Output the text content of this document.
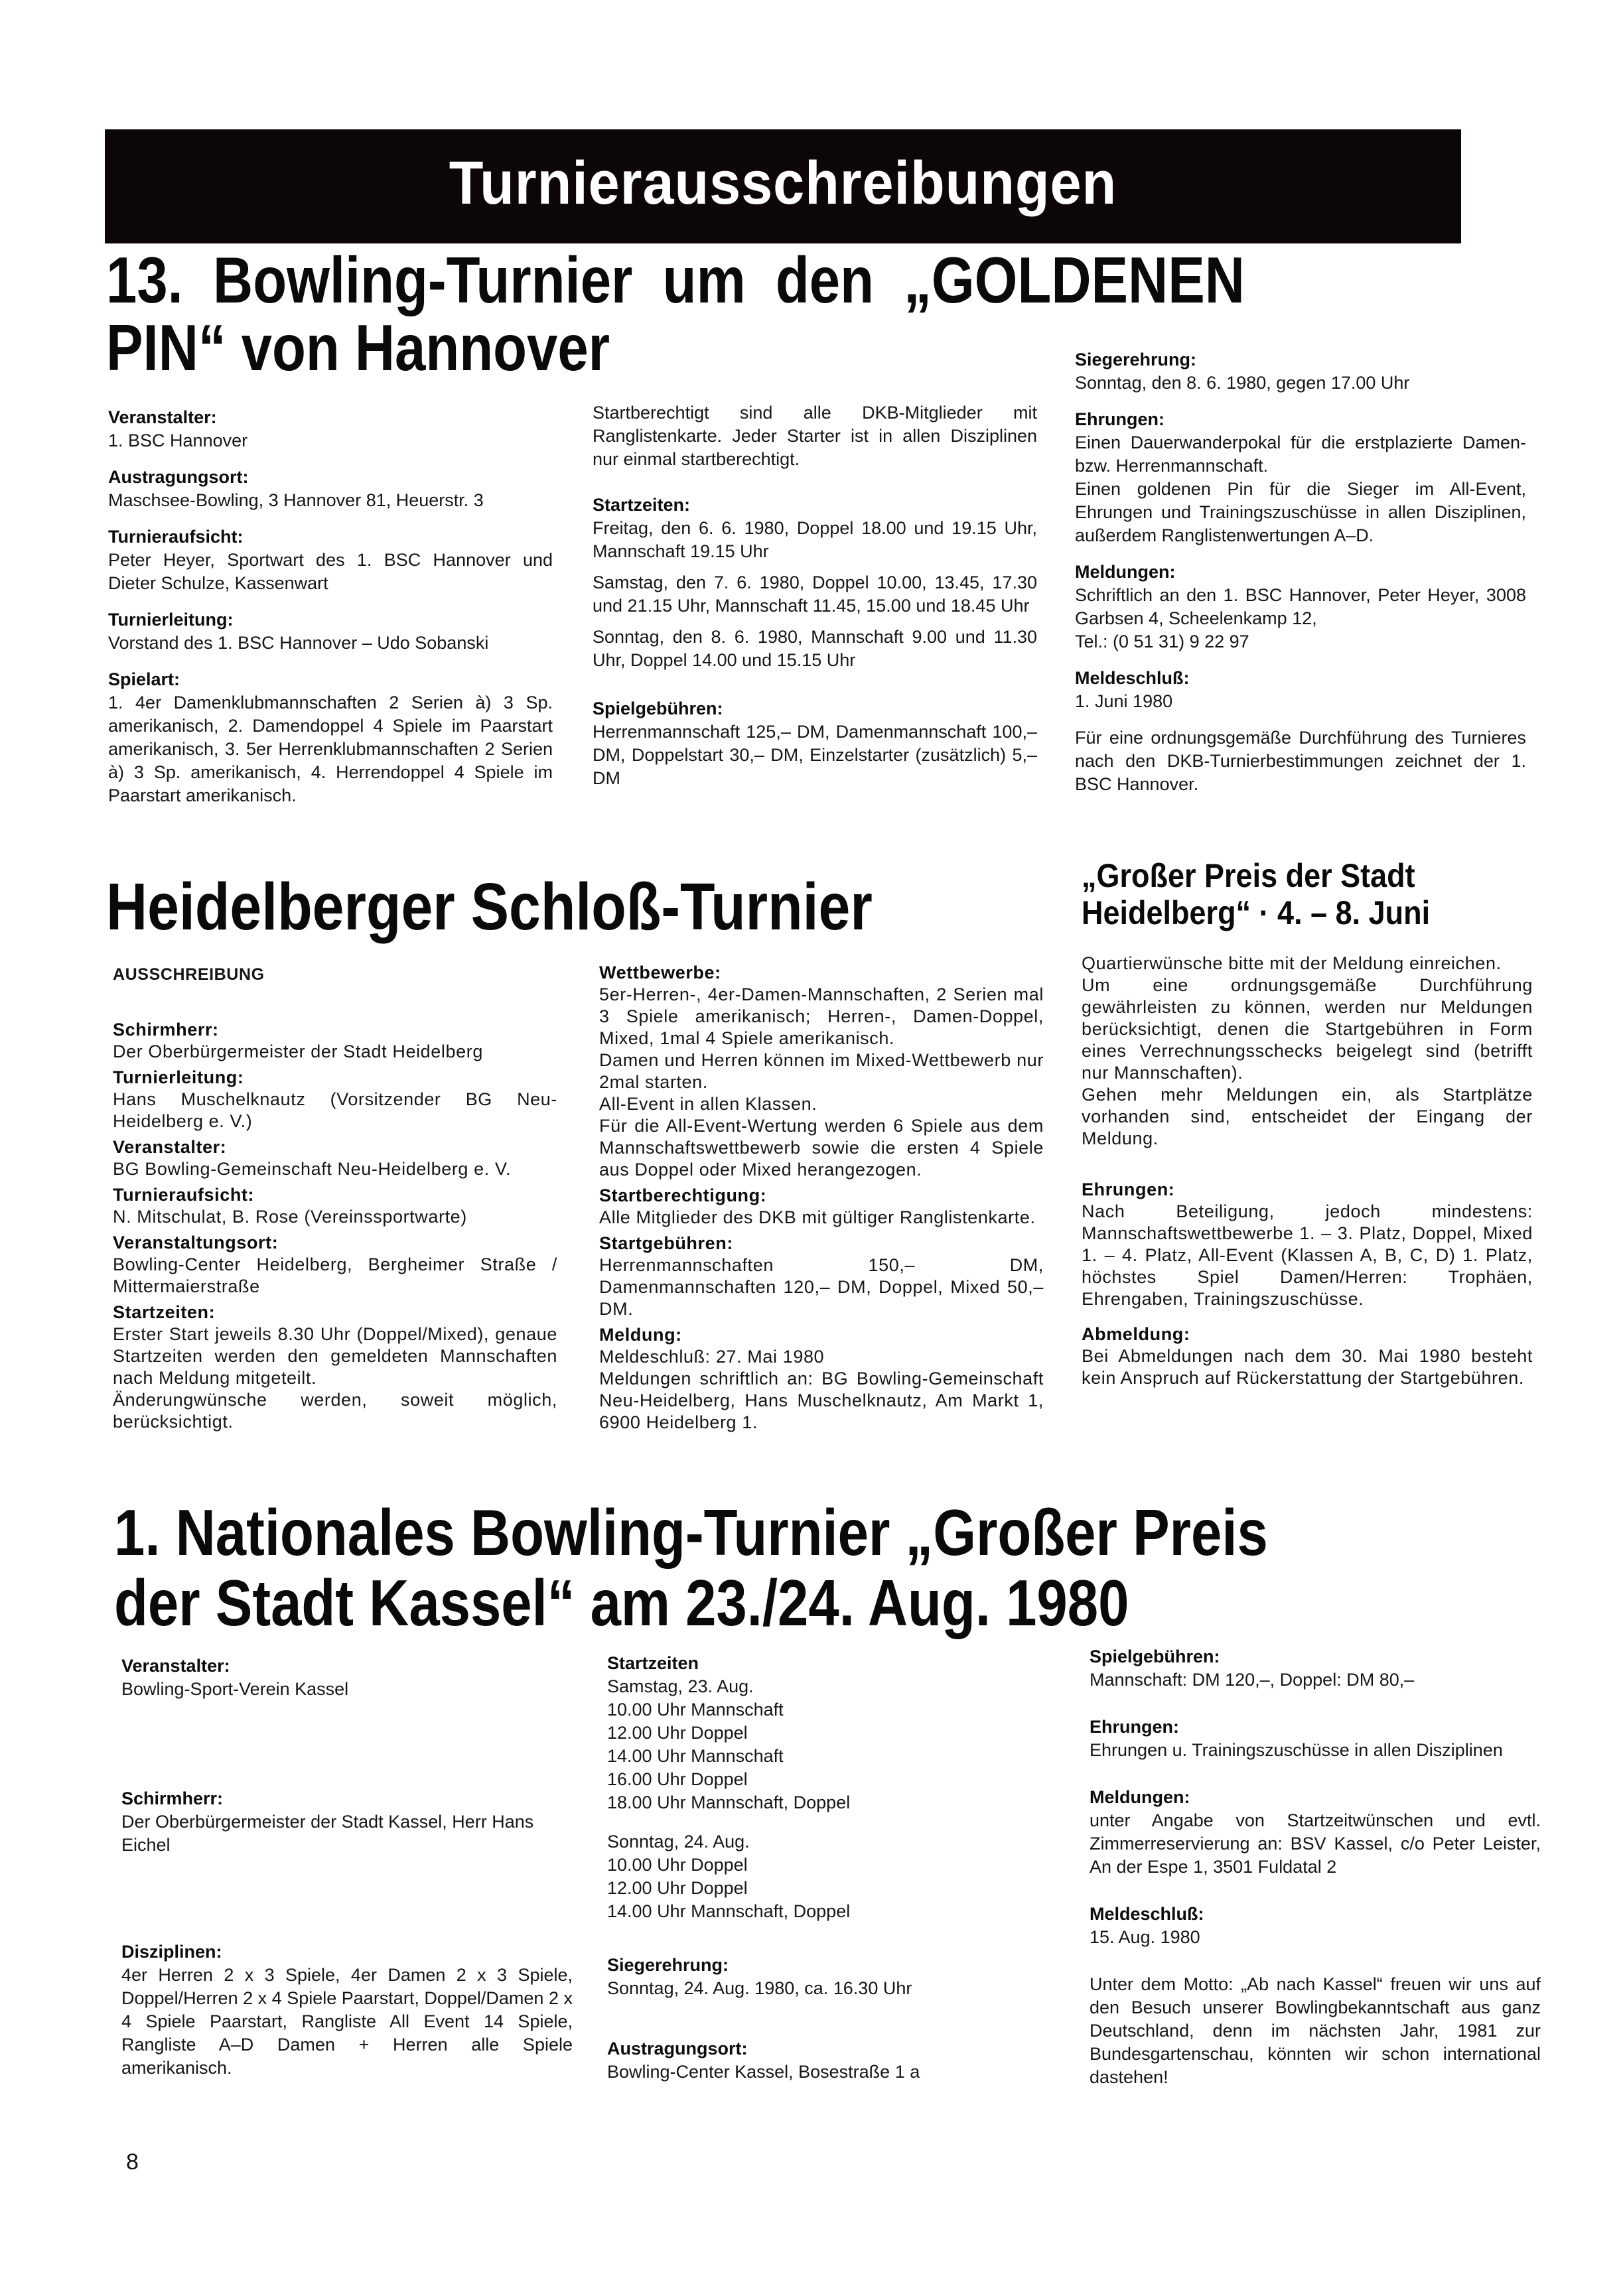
Turnierausschreibungen
13. Bowling-Turnier um den „GOLDENEN
PIN“ von Hannover
Veranstalter:
1. BSC Hannover
Austragungsort:
Maschsee-Bowling, 3 Hannover 81, Heuerstr. 3
Turnieraufsicht:
Peter Heyer, Sportwart des 1. BSC Hannover und Dieter Schulze, Kassenwart
Turnierleitung:
Vorstand des 1. BSC Hannover – Udo Sobanski
Spielart:
1. 4er Damenklubmannschaften 2 Serien à) 3 Sp. amerikanisch, 2. Damendoppel 4 Spiele im Paarstart amerikanisch, 3. 5er Herrenklubmannschaften 2 Serien à) 3 Sp. amerikanisch, 4. Herrendoppel 4 Spiele im Paarstart amerikanisch.
Startberechtigt sind alle DKB-Mitglieder mit Ranglistenkarte. Jeder Starter ist in allen Disziplinen nur einmal startberechtigt.
Startzeiten:
Freitag, den 6. 6. 1980, Doppel 18.00 und 19.15 Uhr, Mannschaft 19.15 Uhr
Samstag, den 7. 6. 1980, Doppel 10.00, 13.45, 17.30 und 21.15 Uhr, Mannschaft 11.45, 15.00 und 18.45 Uhr
Sonntag, den 8. 6. 1980, Mannschaft 9.00 und 11.30 Uhr, Doppel 14.00 und 15.15 Uhr
Spielgebühren:
Herrenmannschaft 125,– DM, Damenmannschaft 100,– DM, Doppelstart 30,– DM, Einzelstarter (zusätzlich) 5,– DM
Siegerehrung:
Sonntag, den 8. 6. 1980, gegen 17.00 Uhr
Ehrungen:
Einen Dauerwanderpokal für die erstplazierte Damen- bzw. Herrenmannschaft.
Einen goldenen Pin für die Sieger im All-Event, Ehrungen und Trainingszuschüsse in allen Disziplinen, außerdem Ranglistenwertungen A–D.
Meldungen:
Schriftlich an den 1. BSC Hannover, Peter Heyer, 3008 Garbsen 4, Scheelenkamp 12,
Tel.: (0 51 31) 9 22 97
Meldeschluß:
1. Juni 1980
Für eine ordnungsgemäße Durchführung des Turnieres nach den DKB-Turnierbestimmungen zeichnet der 1. BSC Hannover.
Heidelberger Schloß-Turnier	„Großer Preis der Stadt
Heidelberg“ · 4. – 8. Juni
AUSSCHREIBUNG
Schirmherr:
Der Oberbürgermeister der Stadt Heidelberg
Turnierleitung:
Hans Muschelknautz (Vorsitzender BG Neu-Heidelberg e. V.)
Veranstalter:
BG Bowling-Gemeinschaft Neu-Heidelberg e. V.
Turnieraufsicht:
N. Mitschulat, B. Rose (Vereinssportwarte)
Veranstaltungsort:
Bowling-Center Heidelberg, Bergheimer Straße / Mittermaierstraße
Startzeiten:
Erster Start jeweils 8.30 Uhr (Doppel/Mixed), genaue Startzeiten werden den gemeldeten Mannschaften nach Meldung mitgeteilt.
Änderungwünsche werden, soweit möglich, berücksichtigt.
Wettbewerbe:
5er-Herren-, 4er-Damen-Mannschaften, 2 Serien mal 3 Spiele amerikanisch; Herren-, Damen-Doppel, Mixed, 1mal 4 Spiele amerikanisch.
Damen und Herren können im Mixed-Wettbewerb nur 2mal starten.
All-Event in allen Klassen.
Für die All-Event-Wertung werden 6 Spiele aus dem Mannschaftswettbewerb sowie die ersten 4 Spiele aus Doppel oder Mixed herangezogen.
Startberechtigung:
Alle Mitglieder des DKB mit gültiger Ranglistenkarte.
Startgebühren:
Herrenmannschaften 150,– DM, Damenmannschaften 120,– DM, Doppel, Mixed 50,– DM.
Meldung:
Meldeschluß: 27. Mai 1980
Meldungen schriftlich an: BG Bowling-Gemeinschaft Neu-Heidelberg, Hans Muschelknautz, Am Markt 1, 6900 Heidelberg 1.
Quartierwünsche bitte mit der Meldung einreichen.
Um eine ordnungsgemäße Durchführung gewährleisten zu können, werden nur Meldungen berücksichtigt, denen die Startgebühren in Form eines Verrechnungsschecks beigelegt sind (betrifft nur Mannschaften).
Gehen mehr Meldungen ein, als Startplätze vorhanden sind, entscheidet der Eingang der Meldung.
Ehrungen:
Nach Beteiligung, jedoch mindestens: Mannschaftswettbewerbe 1. – 3. Platz, Doppel, Mixed 1. – 4. Platz, All-Event (Klassen A, B, C, D) 1. Platz, höchstes Spiel Damen/Herren: Trophäen, Ehrengaben, Trainingszuschüsse.
Abmeldung:
Bei Abmeldungen nach dem 30. Mai 1980 besteht kein Anspruch auf Rückerstattung der Startgebühren.
1. Nationales Bowling-Turnier „Großer Preis
der Stadt Kassel“ am 23./24. Aug. 1980
Veranstalter:
Bowling-Sport-Verein Kassel
Schirmherr:
Der Oberbürgermeister der Stadt Kassel, Herr Hans Eichel
Disziplinen:
4er Herren 2 x 3 Spiele, 4er Damen 2 x 3 Spiele, Doppel/Herren 2 x 4 Spiele Paarstart, Doppel/Damen 2 x 4 Spiele Paarstart, Rangliste All Event 14 Spiele, Rangliste A–D Damen + Herren alle Spiele amerikanisch.
Startzeiten
Samstag, 23. Aug.
10.00 Uhr Mannschaft
12.00 Uhr Doppel
14.00 Uhr Mannschaft
16.00 Uhr Doppel
18.00 Uhr Mannschaft, Doppel
Sonntag, 24. Aug.
10.00 Uhr Doppel
12.00 Uhr Doppel
14.00 Uhr Mannschaft, Doppel
Siegerehrung:
Sonntag, 24. Aug. 1980, ca. 16.30 Uhr
Austragungsort:
Bowling-Center Kassel, Bosestraße 1 a
Spielgebühren:
Mannschaft: DM 120,–, Doppel: DM 80,–
Ehrungen:
Ehrungen u. Trainingszuschüsse in allen Disziplinen
Meldungen:
unter Angabe von Startzeitwünschen und evtl. Zimmerreservierung an: BSV Kassel, c/o Peter Leister, An der Espe 1, 3501 Fuldatal 2
Meldeschluß:
15. Aug. 1980
Unter dem Motto: „Ab nach Kassel“ freuen wir uns auf den Besuch unserer Bowlingbekanntschaft aus ganz Deutschland, denn im nächsten Jahr, 1981 zur Bundesgartenschau, könnten wir schon international dastehen!
8
